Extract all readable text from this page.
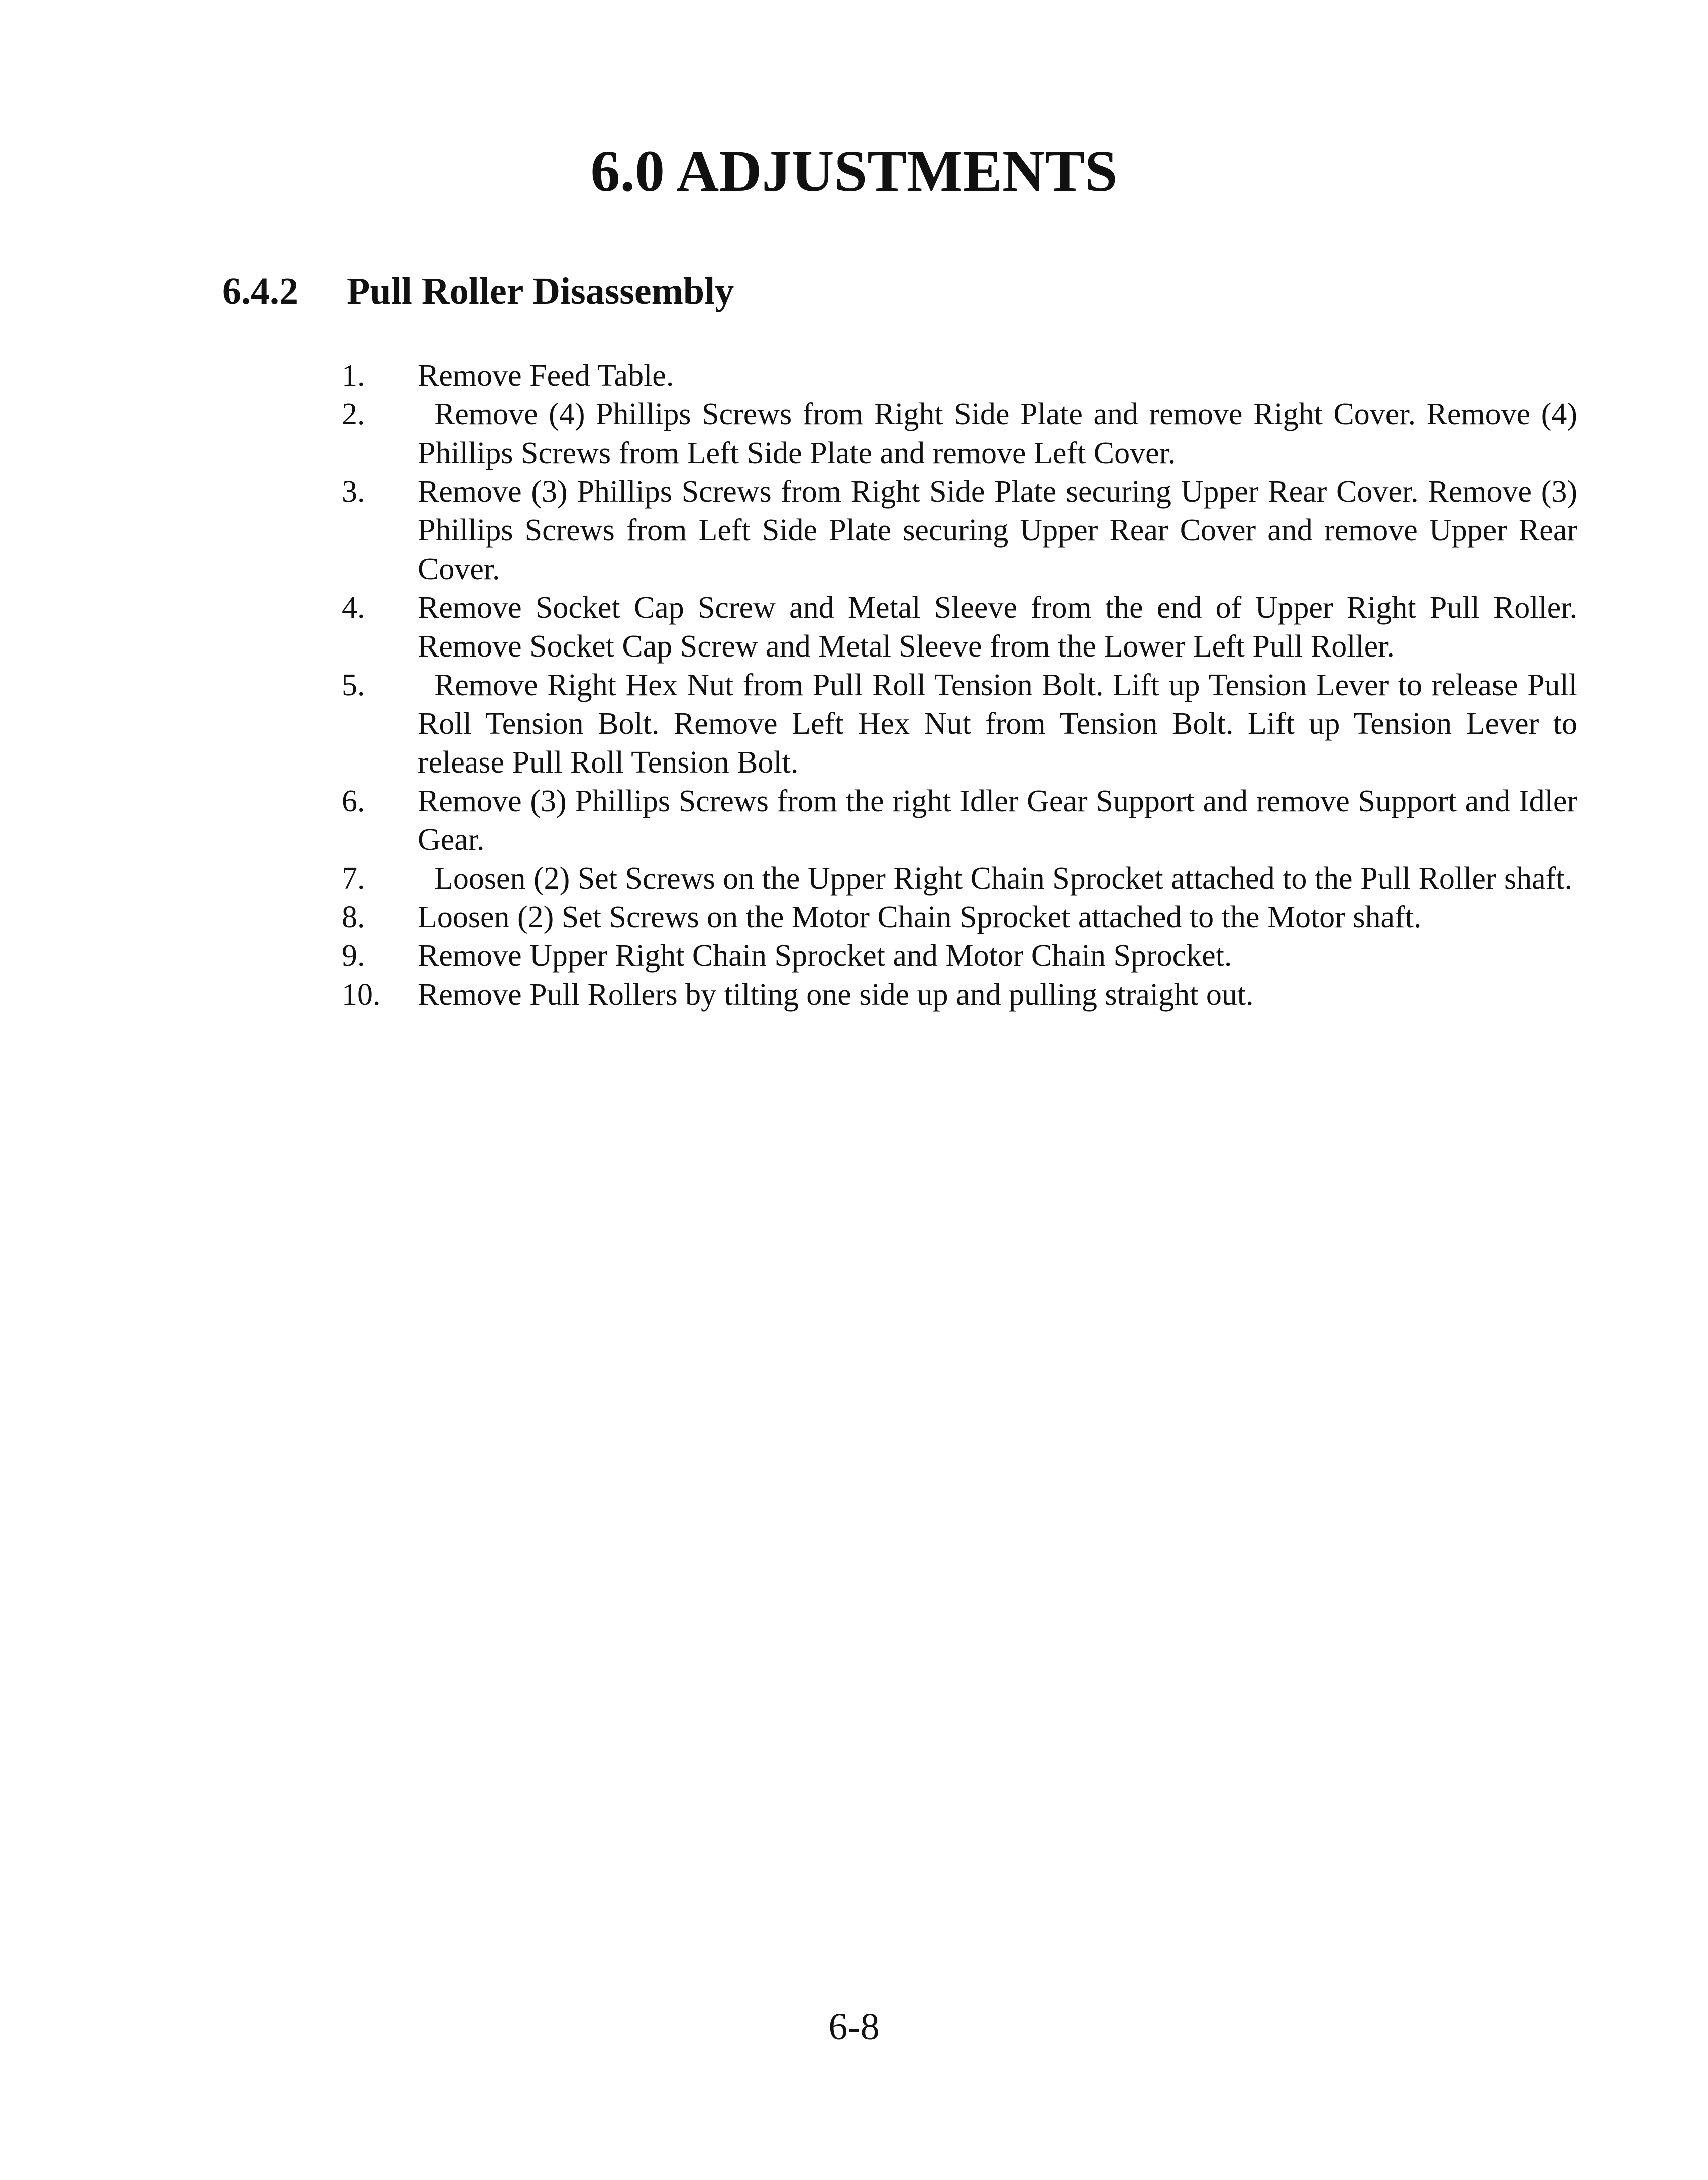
6.0 ADJUSTMENTS
6.4.2 Pull Roller Disassembly
1.	Remove Feed Table.
2.	Remove (4) Phillips Screws from Right Side Plate and remove Right Cover. Remove (4) Phillips Screws from Left Side Plate and remove Left Cover.
3.	Remove (3) Phillips Screws from Right Side Plate securing Upper Rear Cover. Remove (3) Phillips Screws from Left Side Plate securing Upper Rear Cover and remove Upper Rear Cover.
4.	Remove Socket Cap Screw and Metal Sleeve from the end of Upper Right Pull Roller. Remove Socket Cap Screw and Metal Sleeve from the Lower Left Pull Roller.
5.	Remove Right Hex Nut from Pull Roll Tension Bolt. Lift up Tension Lever to release Pull Roll Tension Bolt. Remove Left Hex Nut from Tension Bolt. Lift up Tension Lever to release Pull Roll Tension Bolt.
6.	Remove (3) Phillips Screws from the right Idler Gear Support and remove Support and Idler Gear.
7.	Loosen (2) Set Screws on the Upper Right Chain Sprocket attached to the Pull Roller shaft.
8.	Loosen (2) Set Screws on the Motor Chain Sprocket attached to the Motor shaft.
9.	Remove Upper Right Chain Sprocket and Motor Chain Sprocket.
10.	Remove Pull Rollers by tilting one side up and pulling straight out.
6-8
